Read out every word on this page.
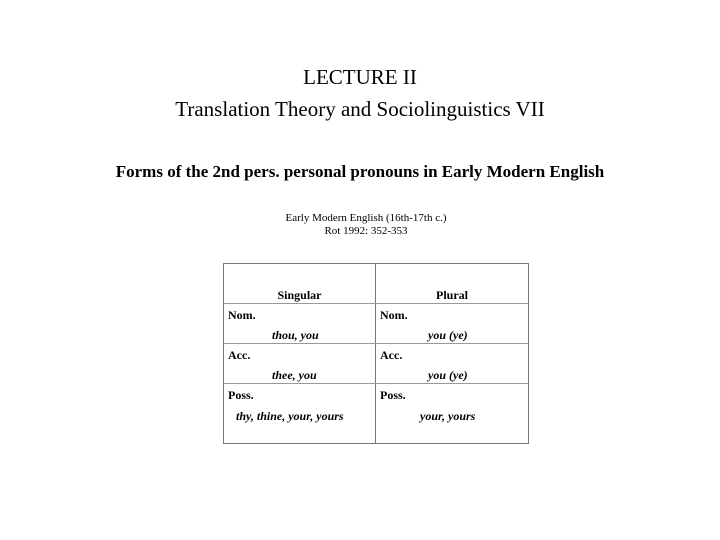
LECTURE II
Translation Theory and Sociolinguistics VII
Forms of the 2nd pers. personal pronouns in Early Modern English
Early Modern English (16th-17th c.)
Rot 1992: 352-353
Singular	Plural
Nom.
thou, you
Nom.
you (ye)
Acc.
thee, you
Acc.
you (ye)
Poss.
thy, thine, your, yours
Poss.
your, yours
